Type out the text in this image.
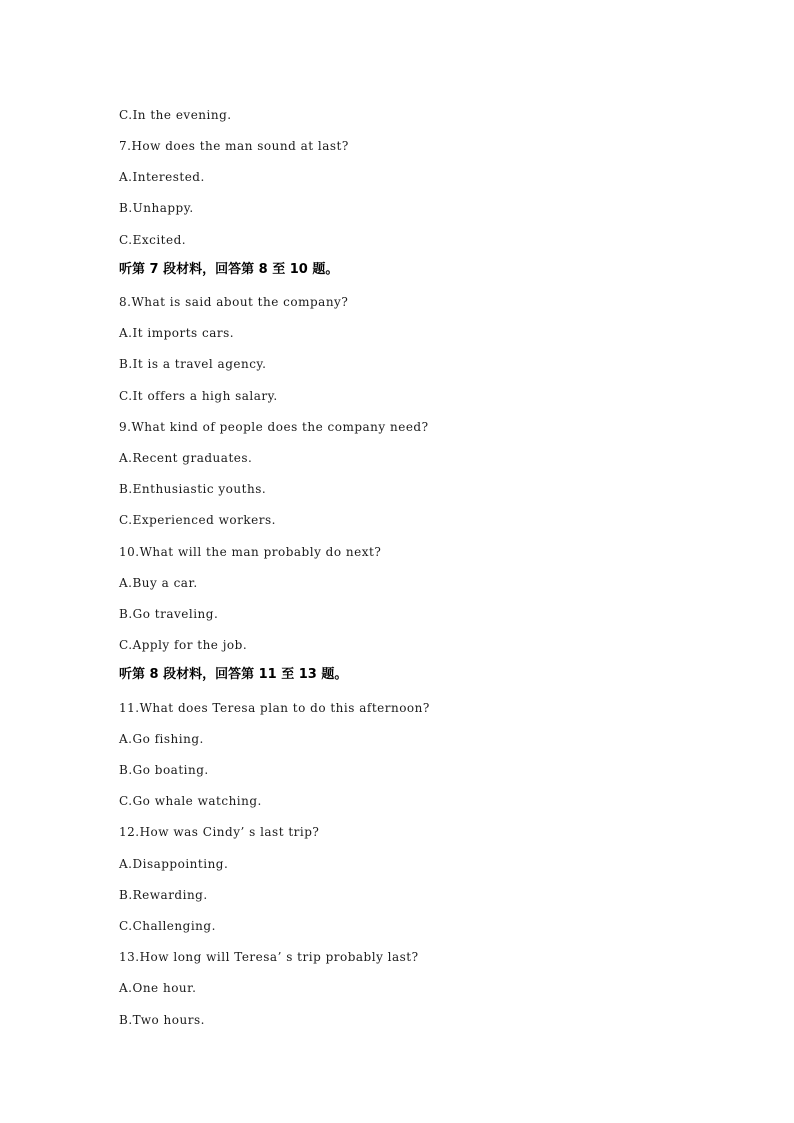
C.In the evening.
7.How does the man sound at last?
A.Interested.
B.Unhappy.
C.Excited.
听第 7 段材料，回答第 8 至 10 题。
8.What is said about the company?
A.It imports cars.
B.It is a travel agency.
C.It offers a high salary.
9.What kind of people does the company need?
A.Recent graduates.
B.Enthusiastic youths.
C.Experienced workers.
10.What will the man probably do next?
A.Buy a car.
B.Go traveling.
C.Apply for the job.
听第 8 段材料，回答第 11 至 13 题。
11.What does Teresa plan to do this afternoon?
A.Go fishing.
B.Go boating.
C.Go whale watching.
12.How was Cindy’ s last trip?
A.Disappointing.
B.Rewarding.
C.Challenging.
13.How long will Teresa’ s trip probably last?
A.One hour.
B.Two hours.
